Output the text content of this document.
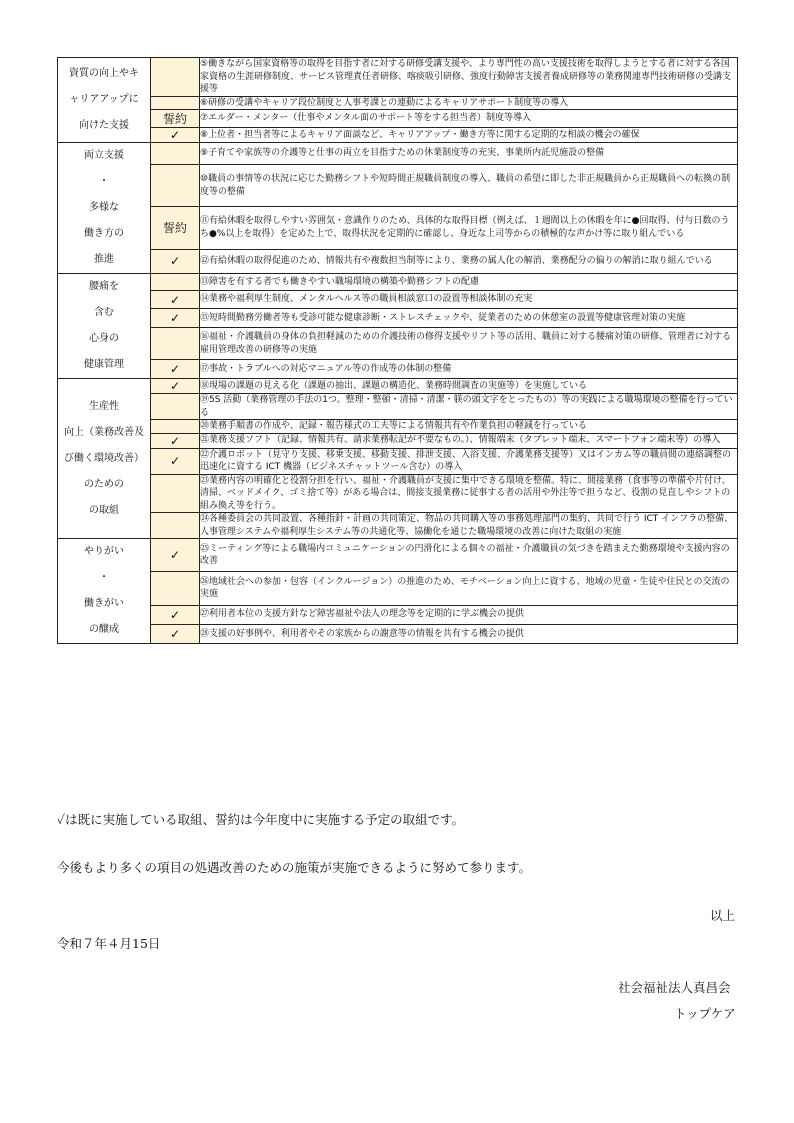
資質の向上やキ
ャリアアップに
向けた支援		⑤働きながら国家資格等の取得を目指す者に対する研修受講支援や、より専門性の高い支援技術を取得しようとする者に対する各国家資格の生涯研修制度、サービス管理責任者研修、喀痰吸引研修、強度行動障害支援者養成研修等の業務関連専門技術研修の受講支援等
		⑥研修の受講やキャリア段位制度と人事考課との連動によるキャリアサポート制度等の導入
	誓約	⑦エルダー・メンター（仕事やメンタル面のサポート等をする担当者）制度等導入
	✓	⑧上位者・担当者等によるキャリア面談など、キャリアアップ・働き方等に関する定期的な相談の機会の確保

両立支援
・
多様な
働き方の
推進		⑨子育てや家族等の介護等と仕事の両立を目指すための休業制度等の充実、事業所内託児施設の整備
		⑩職員の事情等の状況に応じた勤務シフトや短時間正規職員制度の導入、職員の希望に即した非正規職員から正規職員への転換の制度等の整備
	誓約	⑪有給休暇を取得しやすい雰囲気・意識作りのため、具体的な取得目標（例えば、１週間以上の休暇を年に●回取得、付与日数のうち●%以上を取得）を定めた上で、取得状況を定期的に確認し、身近な上司等からの積極的な声かけ等に取り組んでいる
	✓	⑫有給休暇の取得促進のため、情報共有や複数担当制等により、業務の属人化の解消、業務配分の偏りの解消に取り組んでいる

腰痛を
含む
心身の
健康管理		⑬障害を有する者でも働きやすい職場環境の構築や勤務シフトの配慮
	✓	⑭業務や福利厚生制度、メンタルヘルス等の職員相談窓口の設置等相談体制の充実
	✓	⑮短時間勤務労働者等も受診可能な健康診断・ストレスチェックや、従業者のための休憩室の設置等健康管理対策の実施
		⑯福祉・介護職員の身体の負担軽減のための介護技術の修得支援やリフト等の活用、職員に対する腰痛対策の研修、管理者に対する雇用管理改善の研修等の実施
	✓	⑰事故・トラブルへの対応マニュアル等の作成等の体制の整備

生産性
向上（業務改善及
び働く環境改善）
のための
の取組	✓	⑱現場の課題の見える化（課題の抽出、課題の構造化、業務時間調査の実施等）を実施している
		⑲5S 活動（業務管理の手法の1つ。整理・整頓・清掃・清潔・躾の頭文字をとったもの）等の実践による職場環境の整備を行っている
		⑳業務手順書の作成や、記録・報告様式の工夫等による情報共有や作業負担の軽減を行っている
	✓	㉑業務支援ソフト（記録、情報共有、請求業務転記が不要なもの。）、情報端末（タブレット端末、スマートフォン端末等）の導入
	✓	㉒介護ロボット（見守り支援、移乗支援、移動支援、排泄支援、入浴支援、介護業務支援等）又はインカム等の職員間の連絡調整の迅速化に資する ICT 機器（ビジネスチャットツール含む）の導入
		㉓業務内容の明確化と役割分担を行い、福祉・介護職員が支援に集中できる環境を整備。特に、間接業務（食事等の準備や片付け、清掃、ベッドメイク、ゴミ捨て等）がある場合は、間接支援業務に従事する者の活用や外注等で担うなど、役割の見直しやシフトの組み換え等を行う。
		㉔各種委員会の共同設置、各種指針・計画の共同策定、物品の共同購入等の事務処理部門の集約、共同で行う ICT インフラの整備、人事管理システムや福利厚生システム等の共通化等、協働化を通じた職場環境の改善に向けた取組の実施

やりがい
・
働きがい
の醸成	✓	㉕ミーティング等による職場内コミュニケーションの円滑化による個々の福祉・介護職員の気づきを踏まえた勤務環境や支援内容の改善
		㉖地域社会への参加・包容（インクルージョン）の推進のため、モチベーション向上に資する、地域の児童・生徒や住民との交流の実施
	✓	㉗利用者本位の支援方針など障害福祉や法人の理念等を定期的に学ぶ機会の提供
	✓	㉘支援の好事例や、利用者やその家族からの謝意等の情報を共有する機会の提供
✓は既に実施している取組、誓約は今年度中に実施する予定の取組です。
今後もより多くの項目の処遇改善のための施策が実施できるように努めて参ります。
以上
令和７年４月15日
社会福祉法人真昌会
トップケア
